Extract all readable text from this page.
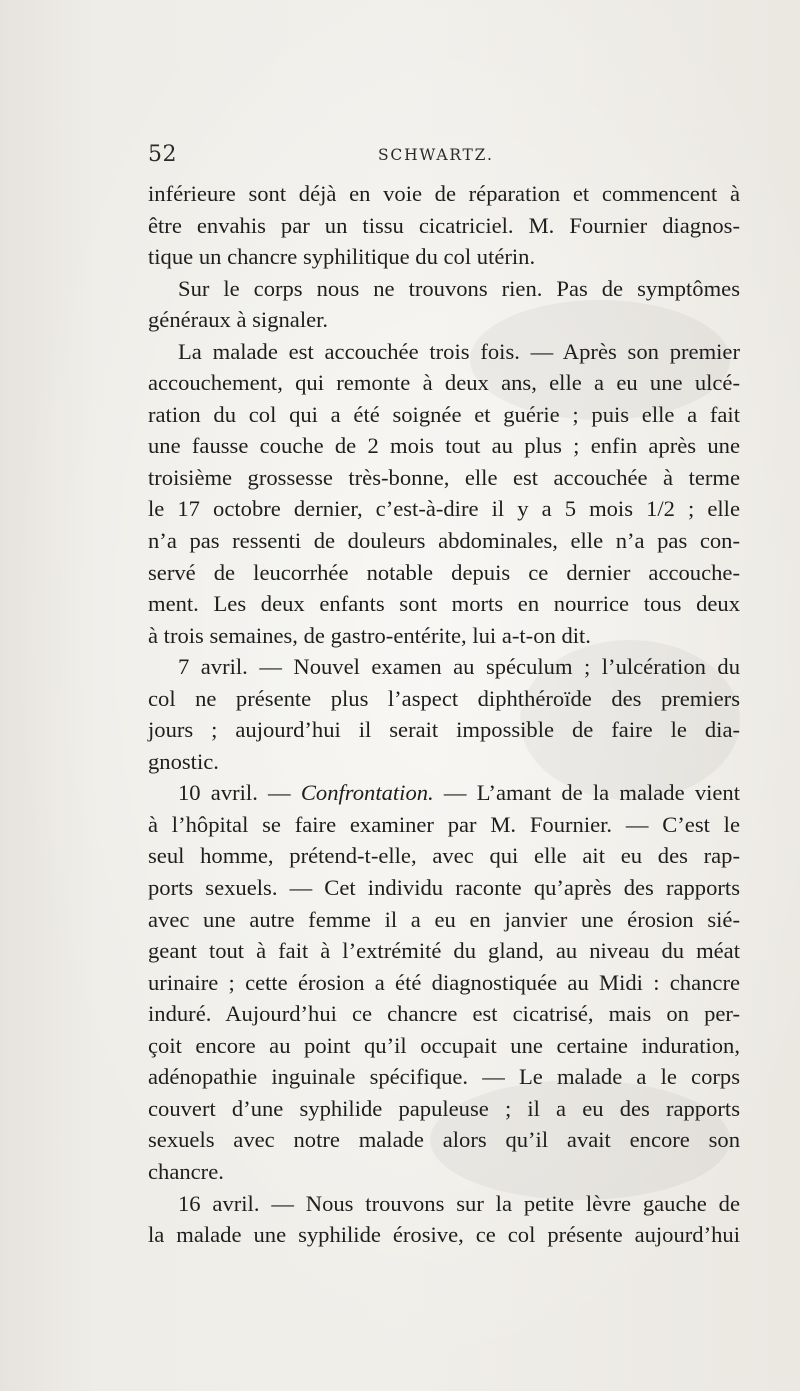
52	SCHWARTZ.
inférieure sont déjà en voie de réparation et commencent à
être envahis par un tissu cicatriciel. M. Fournier diagnos-
tique un chancre syphilitique du col utérin.
Sur le corps nous ne trouvons rien. Pas de symptômes
généraux à signaler.
La malade est accouchée trois fois. — Après son premier
accouchement, qui remonte à deux ans, elle a eu une ulcé-
ration du col qui a été soignée et guérie ; puis elle a fait
une fausse couche de 2 mois tout au plus ; enfin après une
troisième grossesse très-bonne, elle est accouchée à terme
le 17 octobre dernier, c’est-à-dire il y a 5 mois 1/2 ; elle
n’a pas ressenti de douleurs abdominales, elle n’a pas con-
servé de leucorrhée notable depuis ce dernier accouche-
ment. Les deux enfants sont morts en nourrice tous deux
à trois semaines, de gastro-entérite, lui a-t-on dit.
7 avril. — Nouvel examen au spéculum ; l’ulcération du
col ne présente plus l’aspect diphthéroïde des premiers
jours ; aujourd’hui il serait impossible de faire le dia-
gnostic.
10 avril. — Confrontation. — L’amant de la malade vient
à l’hôpital se faire examiner par M. Fournier. — C’est le
seul homme, prétend-t-elle, avec qui elle ait eu des rap-
ports sexuels. — Cet individu raconte qu’après des rapports
avec une autre femme il a eu en janvier une érosion sié-
geant tout à fait à l’extrémité du gland, au niveau du méat
urinaire ; cette érosion a été diagnostiquée au Midi : chancre
induré. Aujourd’hui ce chancre est cicatrisé, mais on per-
çoit encore au point qu’il occupait une certaine induration,
adénopathie inguinale spécifique. — Le malade a le corps
couvert d’une syphilide papuleuse ; il a eu des rapports
sexuels avec notre malade alors qu’il avait encore son
chancre.
16 avril. — Nous trouvons sur la petite lèvre gauche de
la malade une syphilide érosive, ce col présente aujourd’hui
